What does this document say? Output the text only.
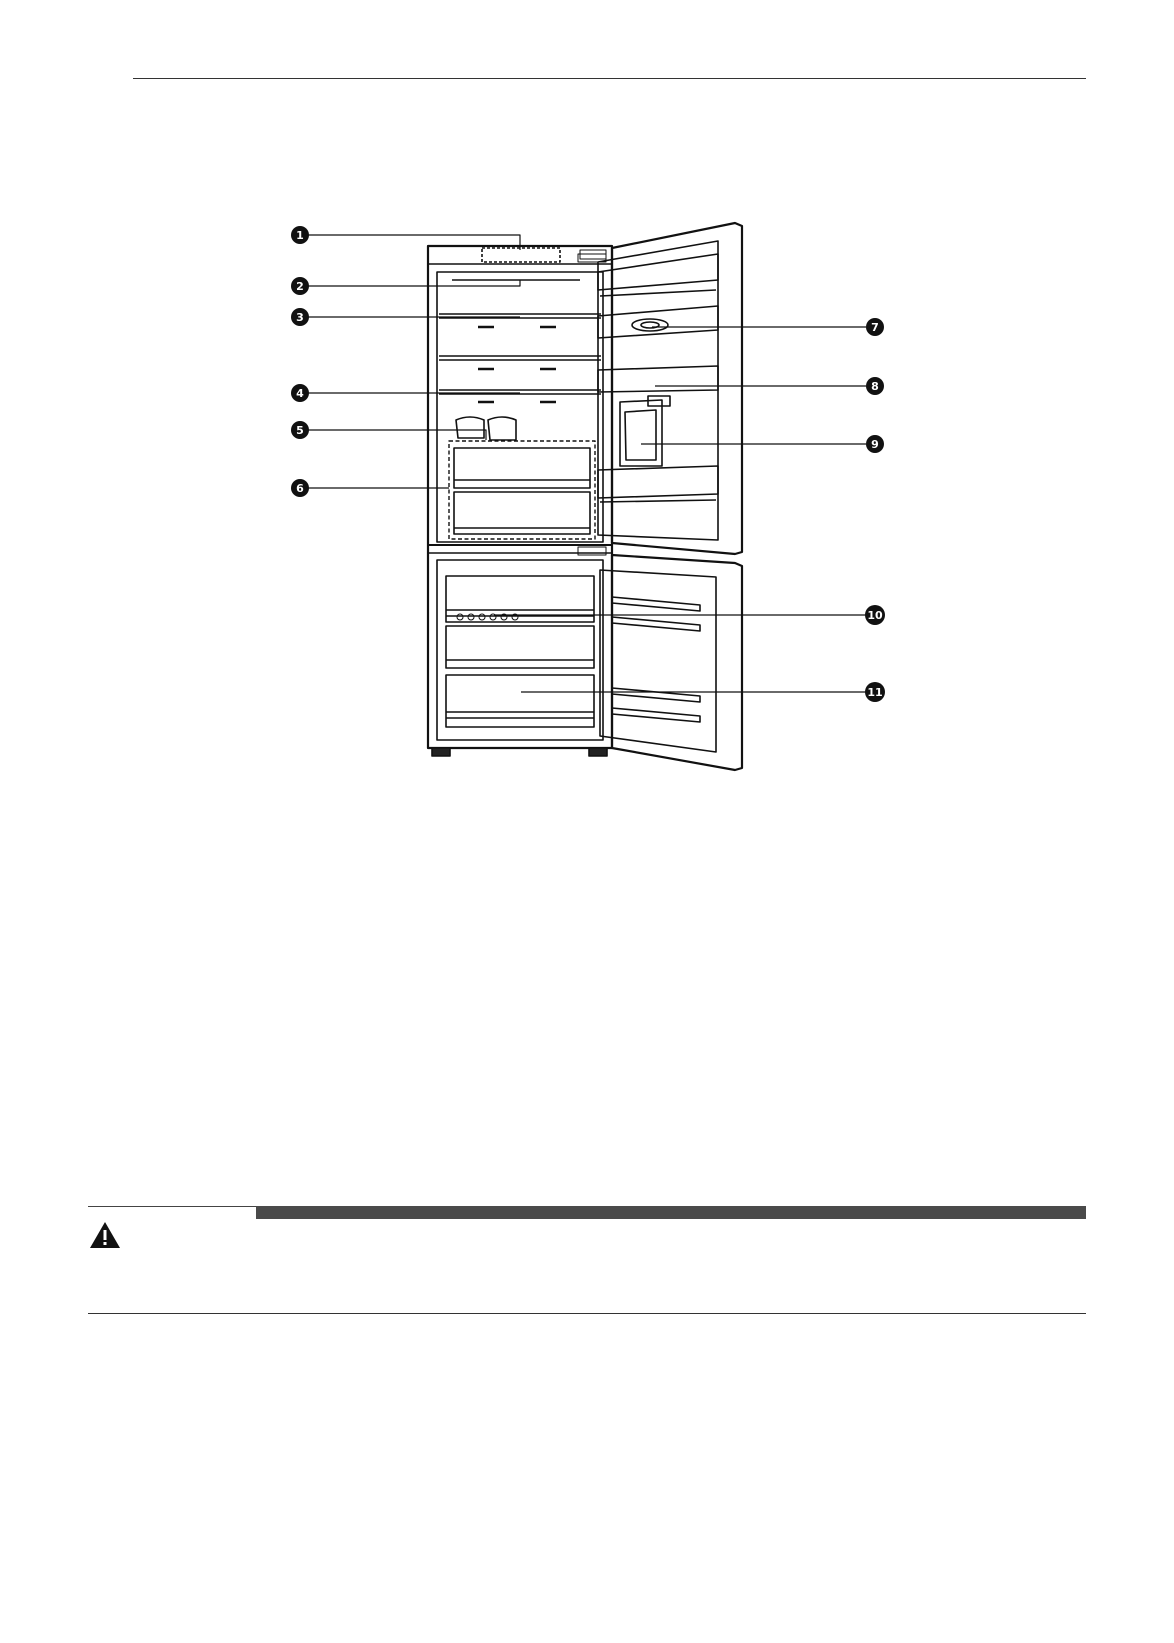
1
2
3
4
5
6
7
8
9
10
11
